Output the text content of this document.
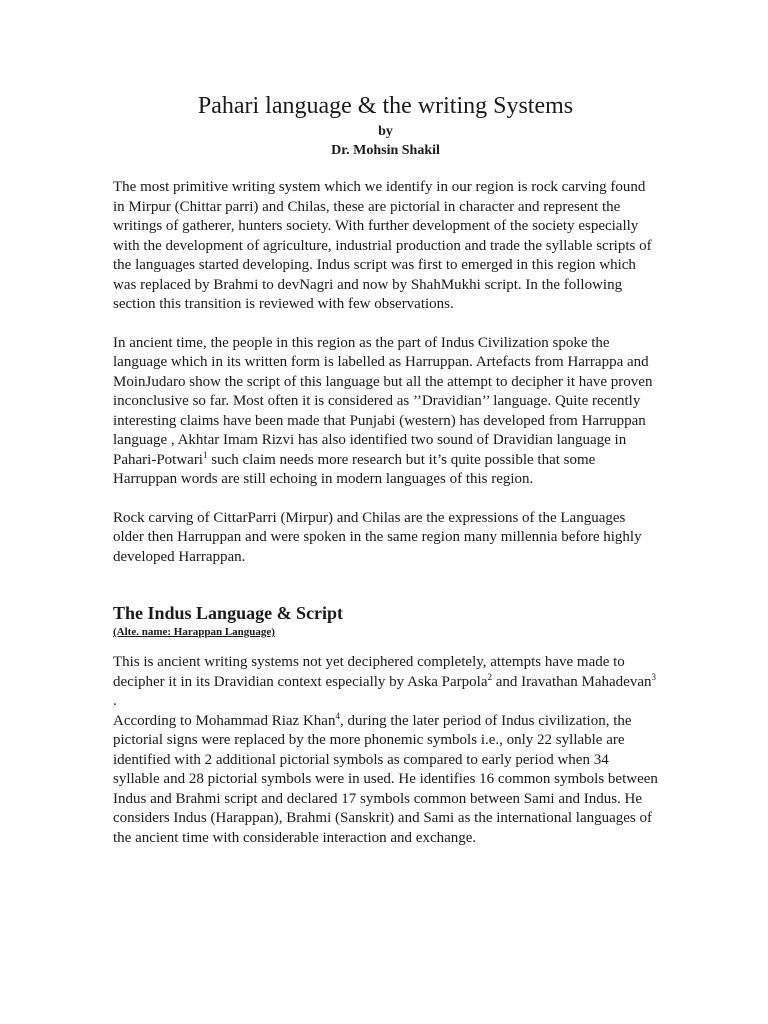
Pahari language & the writing Systems
by
Dr. Mohsin Shakil

The most primitive writing system which we identify in our region is rock carving found in Mirpur (Chittar parri) and Chilas, these are pictorial in character and represent the writings of gatherer, hunters society. With further development of the society especially with the development of agriculture, industrial production and trade the syllable scripts of the languages started developing. Indus script was first to emerged in this region which was replaced by Brahmi to devNagri and now by ShahMukhi script. In the following section this transition is reviewed with few observations.

In ancient time, the people in this region as the part of Indus Civilization spoke the language which in its written form is labelled as Harruppan. Artefacts from Harrappa and MoinJudaro show the script of this language but all the attempt to decipher it have proven inconclusive so far. Most often it is considered as ’’Dravidian’’ language. Quite recently interesting claims have been made that Punjabi (western) has developed from Harruppan language , Akhtar Imam Rizvi has also identified two sound of Dravidian language in Pahari-Potwari$^1$ such claim needs more research but it’s quite possible that some Harruppan words are still echoing in modern languages of this region.

Rock carving of CittarParri (Mirpur) and Chilas are the expressions of the Languages older then Harruppan and were spoken in the same region many millennia before highly developed Harrappan.

The Indus Language & Script
(Alte. name: Harappan Language)

This is ancient writing systems not yet deciphered completely, attempts have made to decipher it in its Dravidian context especially by Aska Parpola$^2$ and Iravathan Mahadevan$^3$ .

According to Mohammad Riaz Khan$^4$, during the later period of Indus civilization, the pictorial signs were replaced by the more phonemic symbols i.e., only 22 syllable are identified with 2 additional pictorial symbols as compared to early period when 34 syllable and 28 pictorial symbols were in used. He identifies 16 common symbols between Indus and Brahmi script and declared 17 symbols common between Sami and Indus. He considers Indus (Harappan), Brahmi (Sanskrit) and Sami as the international languages of the ancient time with considerable interaction and exchange.
